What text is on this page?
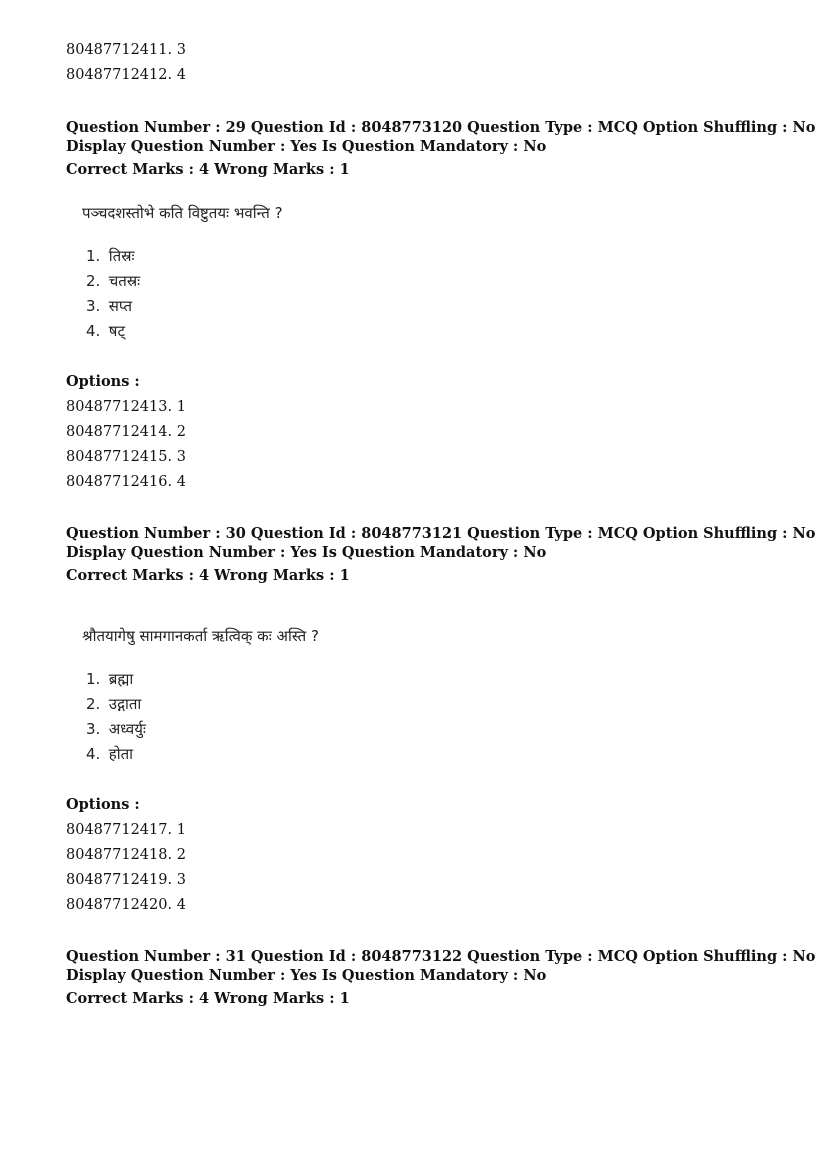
80487712411. 3
80487712412. 4
Question Number : 29 Question Id : 8048773120 Question Type : MCQ Option Shuffling : No
Display Question Number : Yes Is Question Mandatory : No
Correct Marks : 4 Wrong Marks : 1
पञ्चदशस्तोभे कति विष्टुतयः भवन्ति ?
1. तिस्रः
2. चतस्रः
3. सप्त
4. षट्
Options :
80487712413. 1
80487712414. 2
80487712415. 3
80487712416. 4
Question Number : 30 Question Id : 8048773121 Question Type : MCQ Option Shuffling : No
Display Question Number : Yes Is Question Mandatory : No
Correct Marks : 4 Wrong Marks : 1
श्रौतयागेषु सामगानकर्ता ऋत्विक् कः अस्ति ?
1. ब्रह्मा
2. उद्गाता
3. अध्वर्युः
4. होता
Options :
80487712417. 1
80487712418. 2
80487712419. 3
80487712420. 4
Question Number : 31 Question Id : 8048773122 Question Type : MCQ Option Shuffling : No
Display Question Number : Yes Is Question Mandatory : No
Correct Marks : 4 Wrong Marks : 1
